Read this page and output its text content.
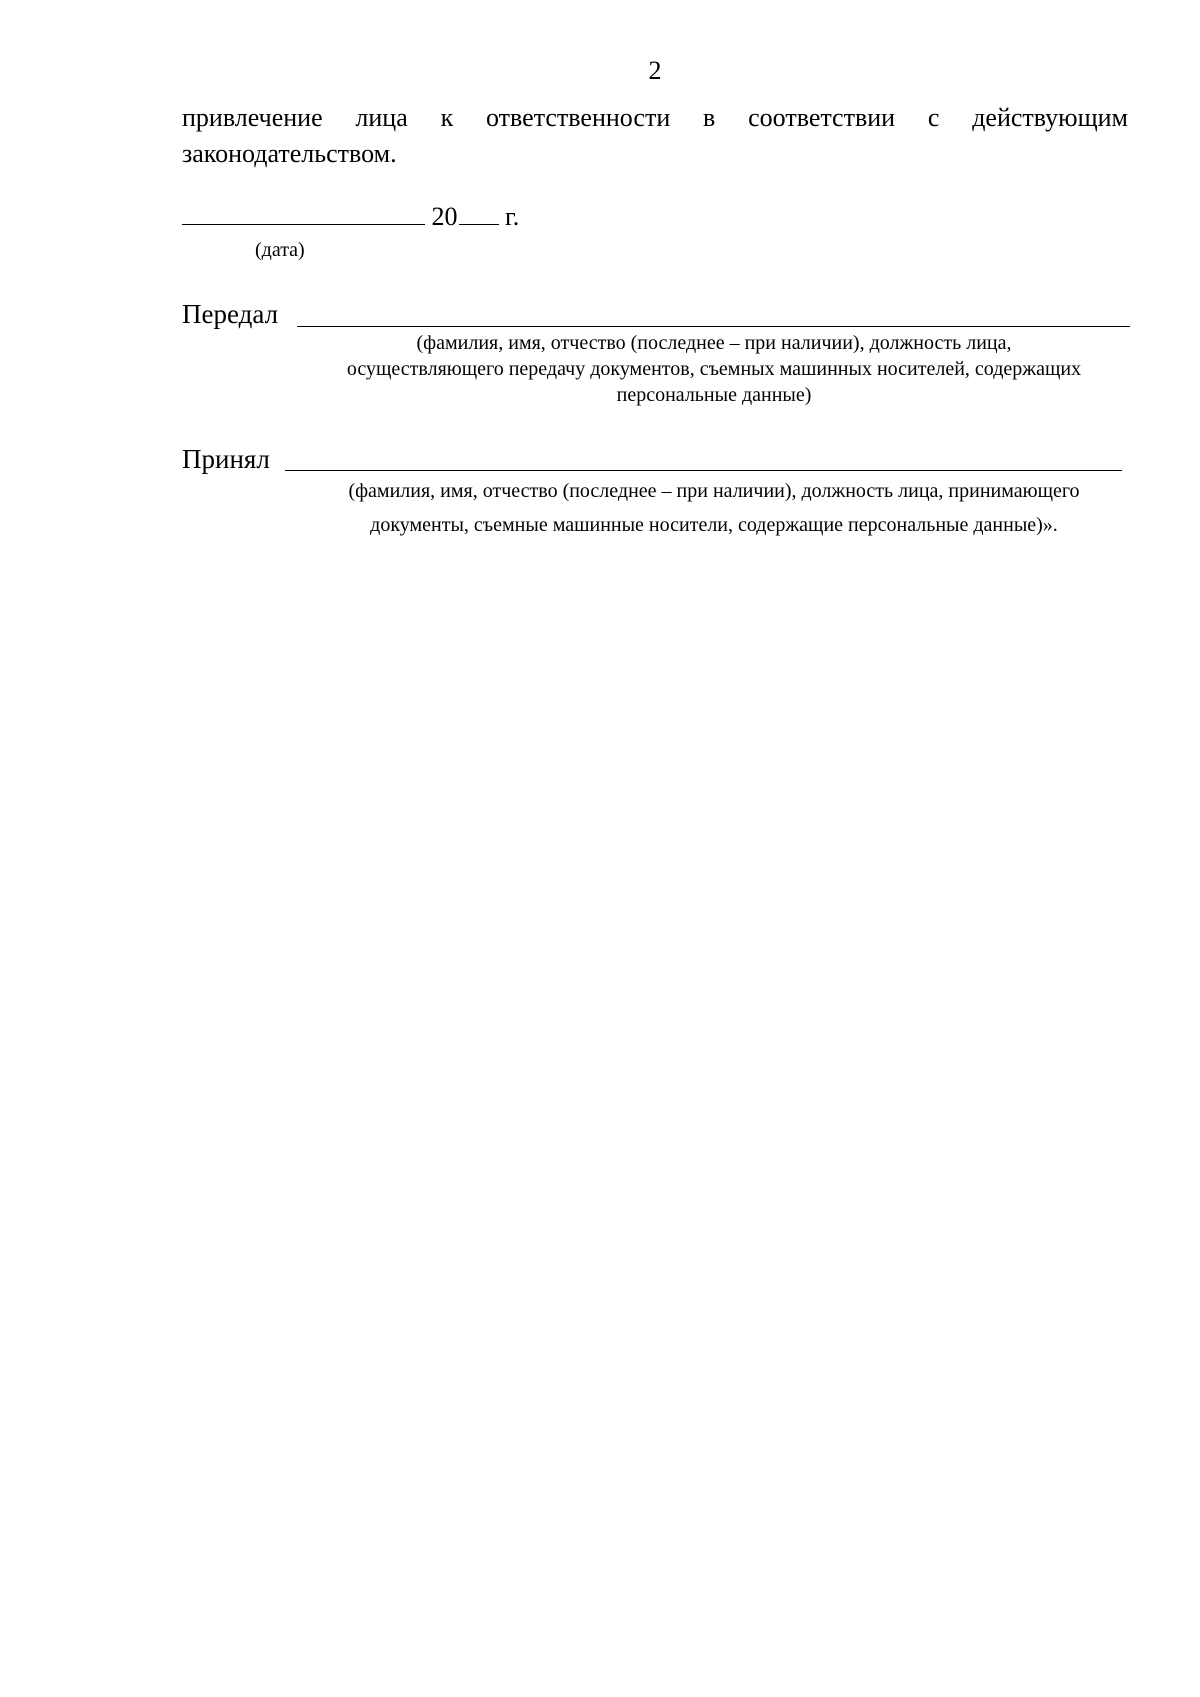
2
привлечение лица к ответственности в соответствии с действующим
законодательством.
20 г.
(дата)
Передал
(фамилия, имя, отчество (последнее – при наличии), должность лица,
осуществляющего передачу документов, съемных машинных носителей, содержащих
персональные данные)
Принял
(фамилия, имя, отчество (последнее – при наличии), должность лица, принимающего
документы, съемные машинные носители, содержащие персональные данные)».
